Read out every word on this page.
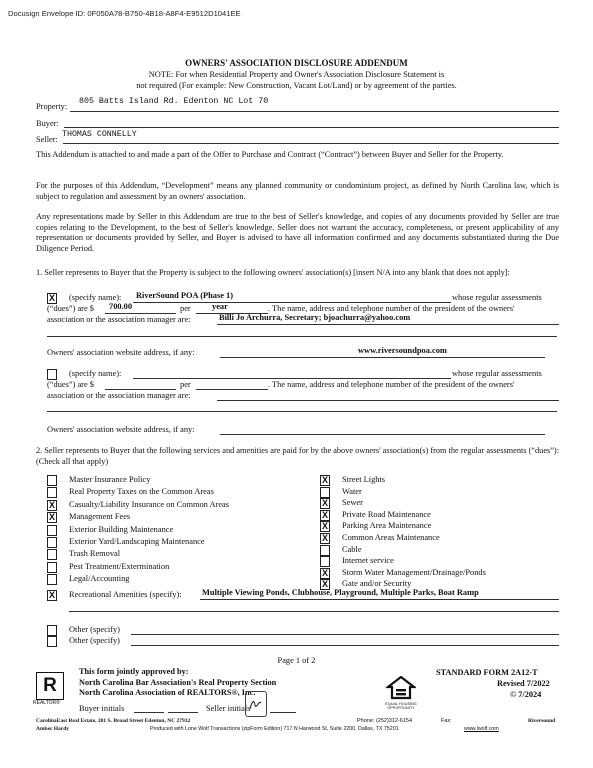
Docusign Envelope ID: 0F050A78-B750-4B18-A8F4-E9512D1041EE
OWNERS' ASSOCIATION DISCLOSURE ADDENDUM
NOTE: For when Residential Property and Owner's Association Disclosure Statement is
not required (For example: New Construction, Vacant Lot/Land) or by agreement of the parties.
Property:
805 Batts Island Rd. Edenton NC Lot 70
Buyer:
Seller:
THOMAS CONNELLY
This Addendum is attached to and made a part of the Offer to Purchase and Contract (“Contract”) between Buyer and Seller for the Property.
For the purposes of this Addendum, “Development” means any planned community or condominium project, as defined by North Carolina law, which is subject to regulation and assessment by an owners' association.
Any representations made by Seller in this Addendum are true to the best of Seller's knowledge, and copies of any documents provided by Seller are true copies relating to the Development, to the best of Seller's knowledge. Seller does not warrant the accuracy, completeness, or present applicability of any representation or documents provided by Seller, and Buyer is advised to have all information confirmed and any documents substantiated during the Due Diligence Period.
1. Seller represents to Buyer that the Property is subject to the following owners' association(s) [insert N/A into any blank that does not apply]:
X (specify name): RiverSound POA (Phase 1)	whose regular assessments
(“dues”) are $ 700.00	per	year	. The name, address and telephone number of the president of the owners'
association or the association manager are:	Billi Jo Archurra, Secretary; bjoachurra@yahoo.com
Owners' association website address, if any:	www.riversoundpoa.com
(specify name):	whose regular assessments
(“dues”) are $	per	. The name, address and telephone number of the president of the owners'
association or the association manager are:
Owners' association website address, if any:
2. Seller represents to Buyer that the following services and amenities are paid for by the above owners' association(s) from the regular assessments (“dues”): (Check all that apply)
Master Insurance Policy
Real Property Taxes on the Common Areas
X Casualty/Liability Insurance on Common Areas
X Management Fees
Exterior Building Maintenance
Exterior Yard/Landscaping Maintenance
Trash Removal
Pest Treatment/Extermination
Legal/Accounting
X Street Lights
Water
X Sewer
X Private Road Maintenance
X Parking Area Maintenance
X Common Areas Maintenance
Cable
Internet service
X Storm Water Management/Drainage/Ponds
X Gate and/or Security
X Recreational Amenities (specify): Multiple Viewing Ponds, Clubhouse, Playground, Multiple Parks, Boat Ramp
Other (specify)
Other (specify)
Page 1 of 2
R
REALTOR®
This form jointly approved by:
North Carolina Bar Association's Real Property Section
North Carolina Association of REALTORS®, Inc.
Buyer initials	Seller initials	EQUAL HOUSING OPPORTUNITY
STANDARD FORM 2A12-T
Revised 7/2022
© 7/2024
CarolinaEast Real Estate, 201 S. Broad Street Edenton, NC 27932	Phone: (252)312-6154	Fax:	Riversound
Amber Hardy	Produced with Lone Wolf Transactions (zipForm Edition) 717 N Harwood St, Suite 2200, Dallas, TX 75201	www.lwolf.com
